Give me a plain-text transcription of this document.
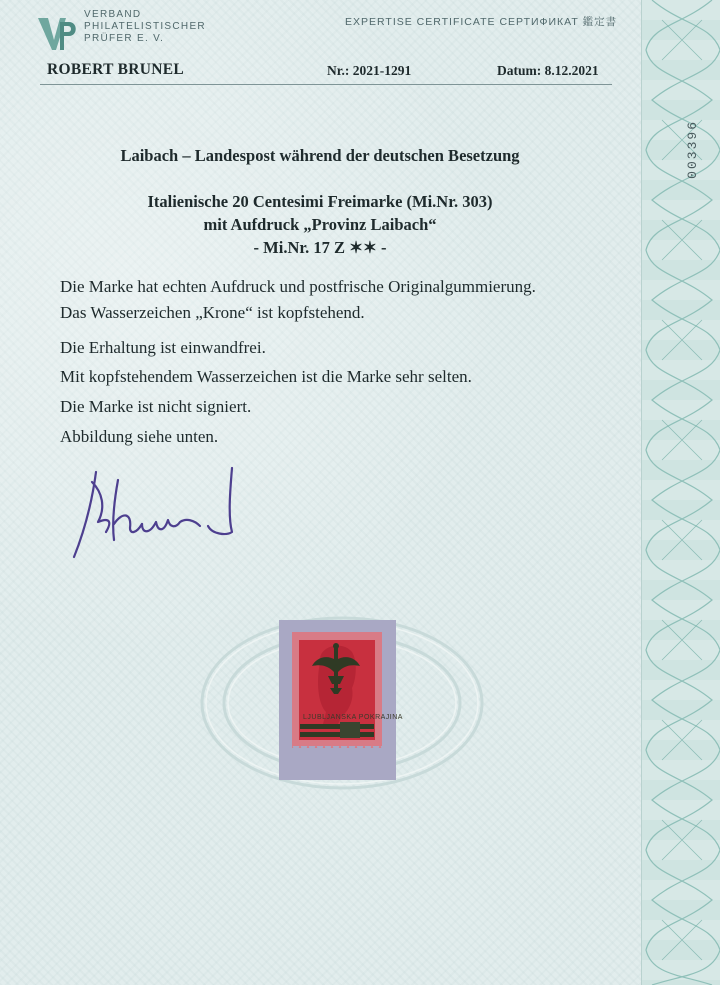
003396
VERBAND
PHILATELISTISCHER
PRÜFER E. V.
EXPERTISE CERTIFICATE СЕРТИФИКАТ 鑑定書
ROBERT BRUNEL	Nr.: 2021-1291	Datum: 8.12.2021
Laibach – Landespost während der deutschen Besetzung
Italienische 20 Centesimi Freimarke (Mi.Nr. 303)
mit Aufdruck „Provinz Laibach“
- Mi.Nr. 17 Z ✶✶ -
Die Marke hat echten Aufdruck und postfrische Originalgummierung.
Das Wasserzeichen „Krone“ ist kopfstehend.
Die Erhaltung ist einwandfrei.
Mit kopfstehendem Wasserzeichen ist die Marke sehr selten.
Die Marke ist nicht signiert.
Abbildung siehe unten.
LJUBLJANSKA POKRAJINA
